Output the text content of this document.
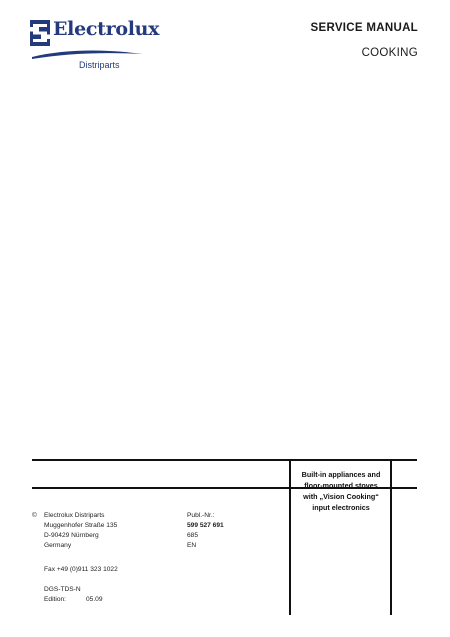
Electrolux
Distriparts
SERVICE MANUAL
COOKING
Built-in appliances and
floor-mounted stoves
with „Vision Cooking“
input electronics
© Electrolux Distriparts
Muggenhofer Straße 135
D-90429 Nürnberg
Germany
Fax +49 (0)911 323 1022
DGS-TDS-N
Edition:	05.09
Publ.-Nr.:
599 527 691
685
EN
